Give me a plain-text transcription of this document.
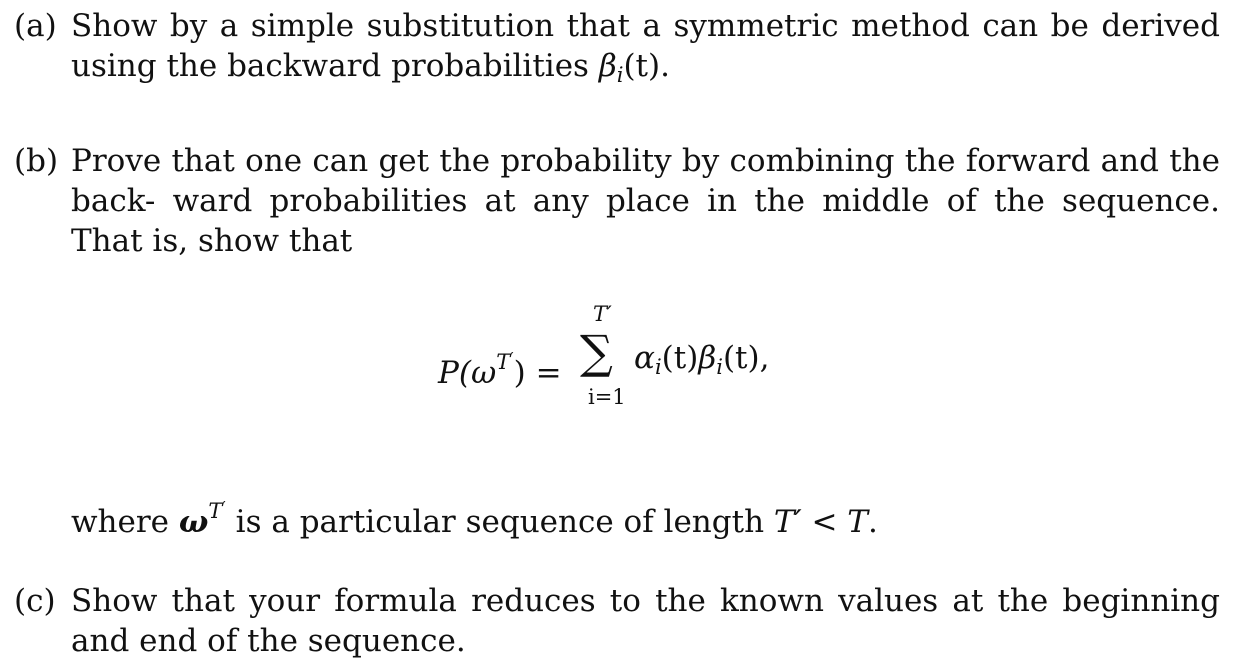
(a) Show by a simple substitution that a symmetric method can be derived using the backward probabilities $\beta_i(t)$.
(b) Prove that one can get the probability by combining the forward and the back- ward probabilities at any place in the middle of the sequence. That is, show that
$P(\omega^{T'})$ =
T′
∑
i=1
$\alpha_i(t)\beta_i(t)$,
where $\omega^{T'}$ is a particular sequence of length T′ < T.
(c) Show that your formula reduces to the known values at the beginning and end of the sequence.
